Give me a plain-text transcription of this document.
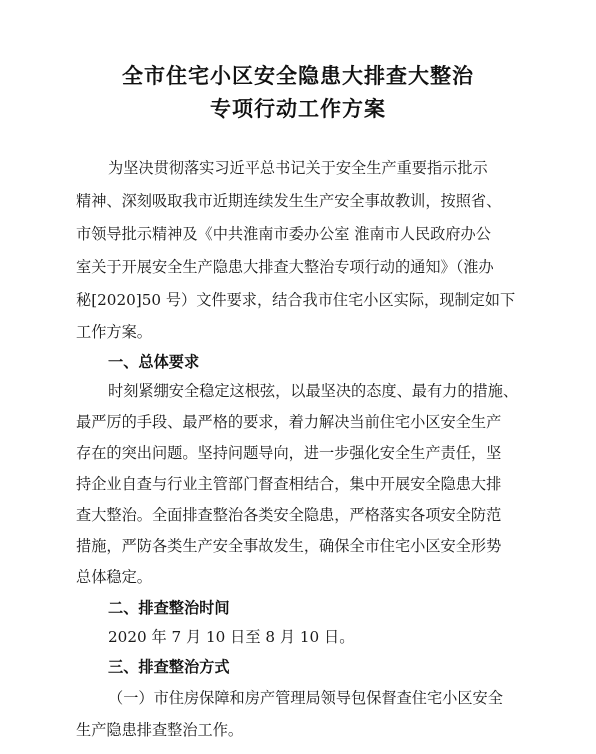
全市住宅小区安全隐患大排查大整治
专项行动工作方案
为坚决贯彻落实习近平总书记关于安全生产重要指示批示
精神、深刻吸取我市近期连续发生生产安全事故教训，按照省、
市领导批示精神及《中共淮南市委办公室 淮南市人民政府办公
室关于开展安全生产隐患大排查大整治专项行动的通知》（淮办
秘[2020]50 号）文件要求，结合我市住宅小区实际，现制定如下
工作方案。
一、总体要求
时刻紧绷安全稳定这根弦，以最坚决的态度、最有力的措施、
最严厉的手段、最严格的要求，着力解决当前住宅小区安全生产
存在的突出问题。坚持问题导向，进一步强化安全生产责任，坚
持企业自查与行业主管部门督查相结合，集中开展安全隐患大排
查大整治。全面排查整治各类安全隐患，严格落实各项安全防范
措施，严防各类生产安全事故发生，确保全市住宅小区安全形势
总体稳定。
二、排查整治时间
2020 年 7 月 10 日至 8 月 10 日。
三、排查整治方式
（一）市住房保障和房产管理局领导包保督查住宅小区安全
生产隐患排查整治工作。
